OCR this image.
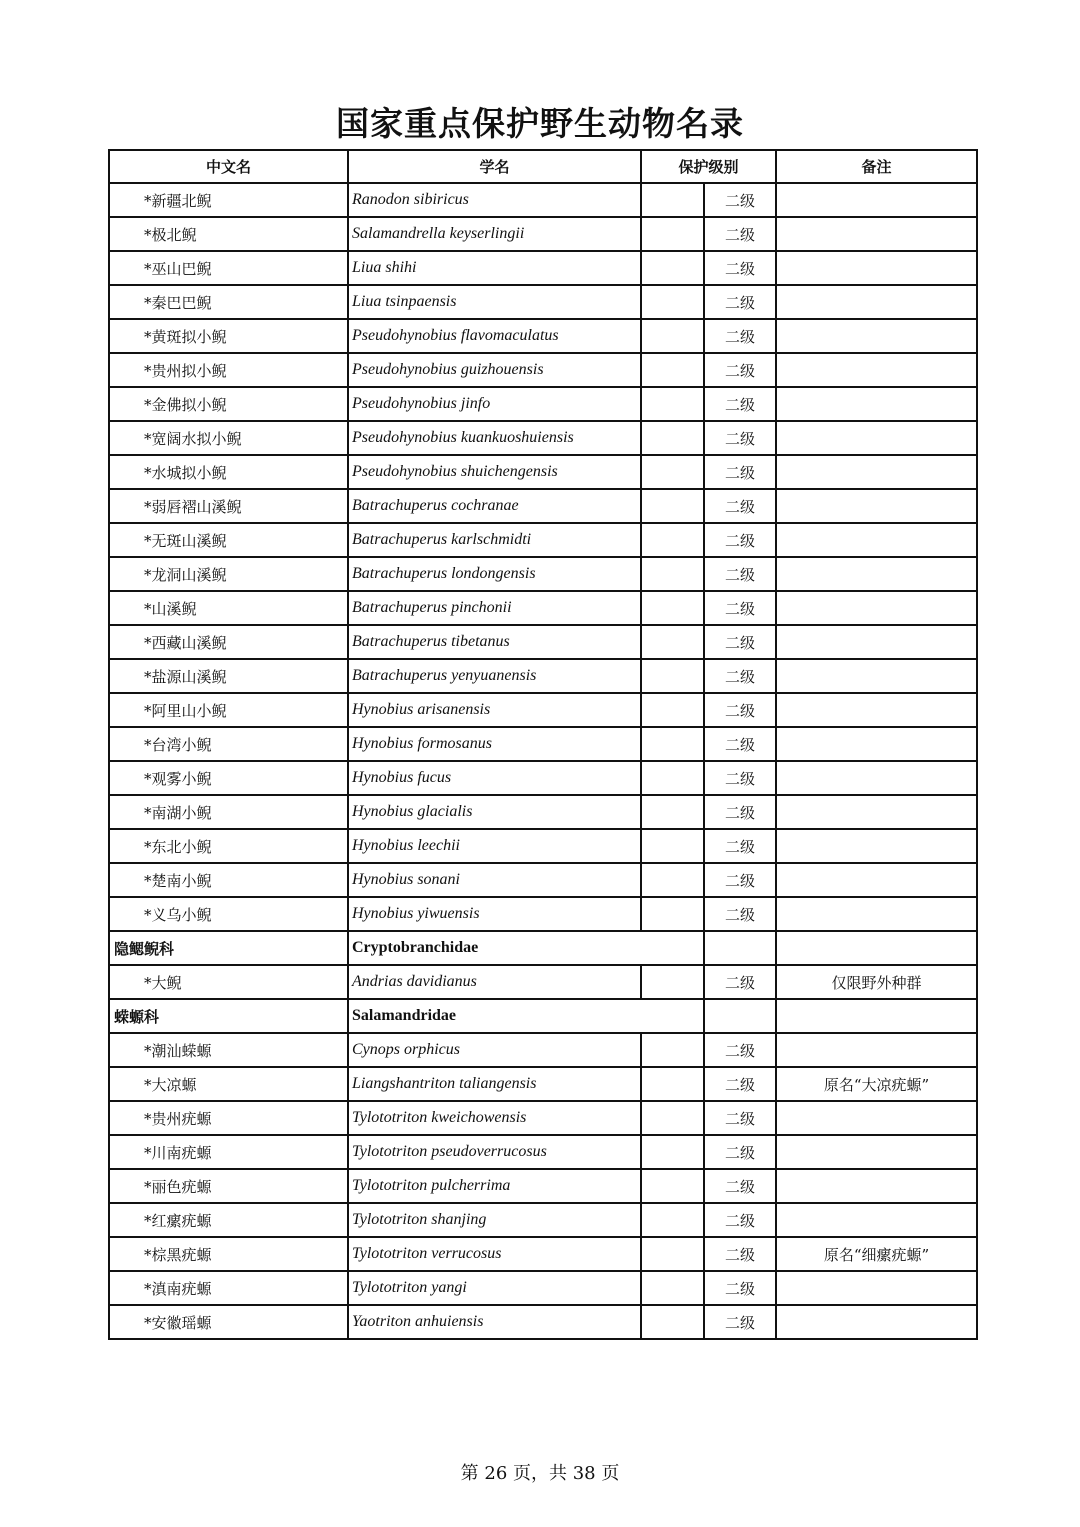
国家重点保护野生动物名录
中文名	学名	保护级别		备注
*新疆北鲵	Ranodon sibiricus		二级	
*极北鲵	Salamandrella keyserlingii		二级	
*巫山巴鲵	Liua shihi		二级	
*秦巴巴鲵	Liua tsinpaensis		二级	
*黄斑拟小鲵	Pseudohynobius flavomaculatus		二级	
*贵州拟小鲵	Pseudohynobius guizhouensis		二级	
*金佛拟小鲵	Pseudohynobius jinfo		二级	
*宽阔水拟小鲵	Pseudohynobius kuankuoshuiensis		二级	
*水城拟小鲵	Pseudohynobius shuichengensis		二级	
*弱唇褶山溪鲵	Batrachuperus cochranae		二级	
*无斑山溪鲵	Batrachuperus karlschmidti		二级	
*龙洞山溪鲵	Batrachuperus londongensis		二级	
*山溪鲵	Batrachuperus pinchonii		二级	
*西藏山溪鲵	Batrachuperus tibetanus		二级	
*盐源山溪鲵	Batrachuperus yenyuanensis		二级	
*阿里山小鲵	Hynobius arisanensis		二级	
*台湾小鲵	Hynobius formosanus		二级	
*观雾小鲵	Hynobius fucus		二级	
*南湖小鲵	Hynobius glacialis		二级	
*东北小鲵	Hynobius leechii		二级	
*楚南小鲵	Hynobius sonani		二级	
*义乌小鲵	Hynobius yiwuensis		二级	
隐鳃鲵科	Cryptobranchidae			
*大鲵	Andrias davidianus		二级	仅限野外种群
蝾螈科	Salamandridae			
*潮汕蝾螈	Cynops orphicus		二级	
*大凉螈	Liangshantriton taliangensis		二级	原名“大凉疣螈”
*贵州疣螈	Tylototriton kweichowensis		二级	
*川南疣螈	Tylototriton pseudoverrucosus		二级	
*丽色疣螈	Tylototriton pulcherrima		二级	
*红瘰疣螈	Tylototriton shanjing		二级	
*棕黑疣螈	Tylototriton verrucosus		二级	原名“细瘰疣螈”
*滇南疣螈	Tylototriton yangi		二级	
*安徽瑶螈	Yaotriton anhuiensis		二级	
第 26 页，共 38 页
